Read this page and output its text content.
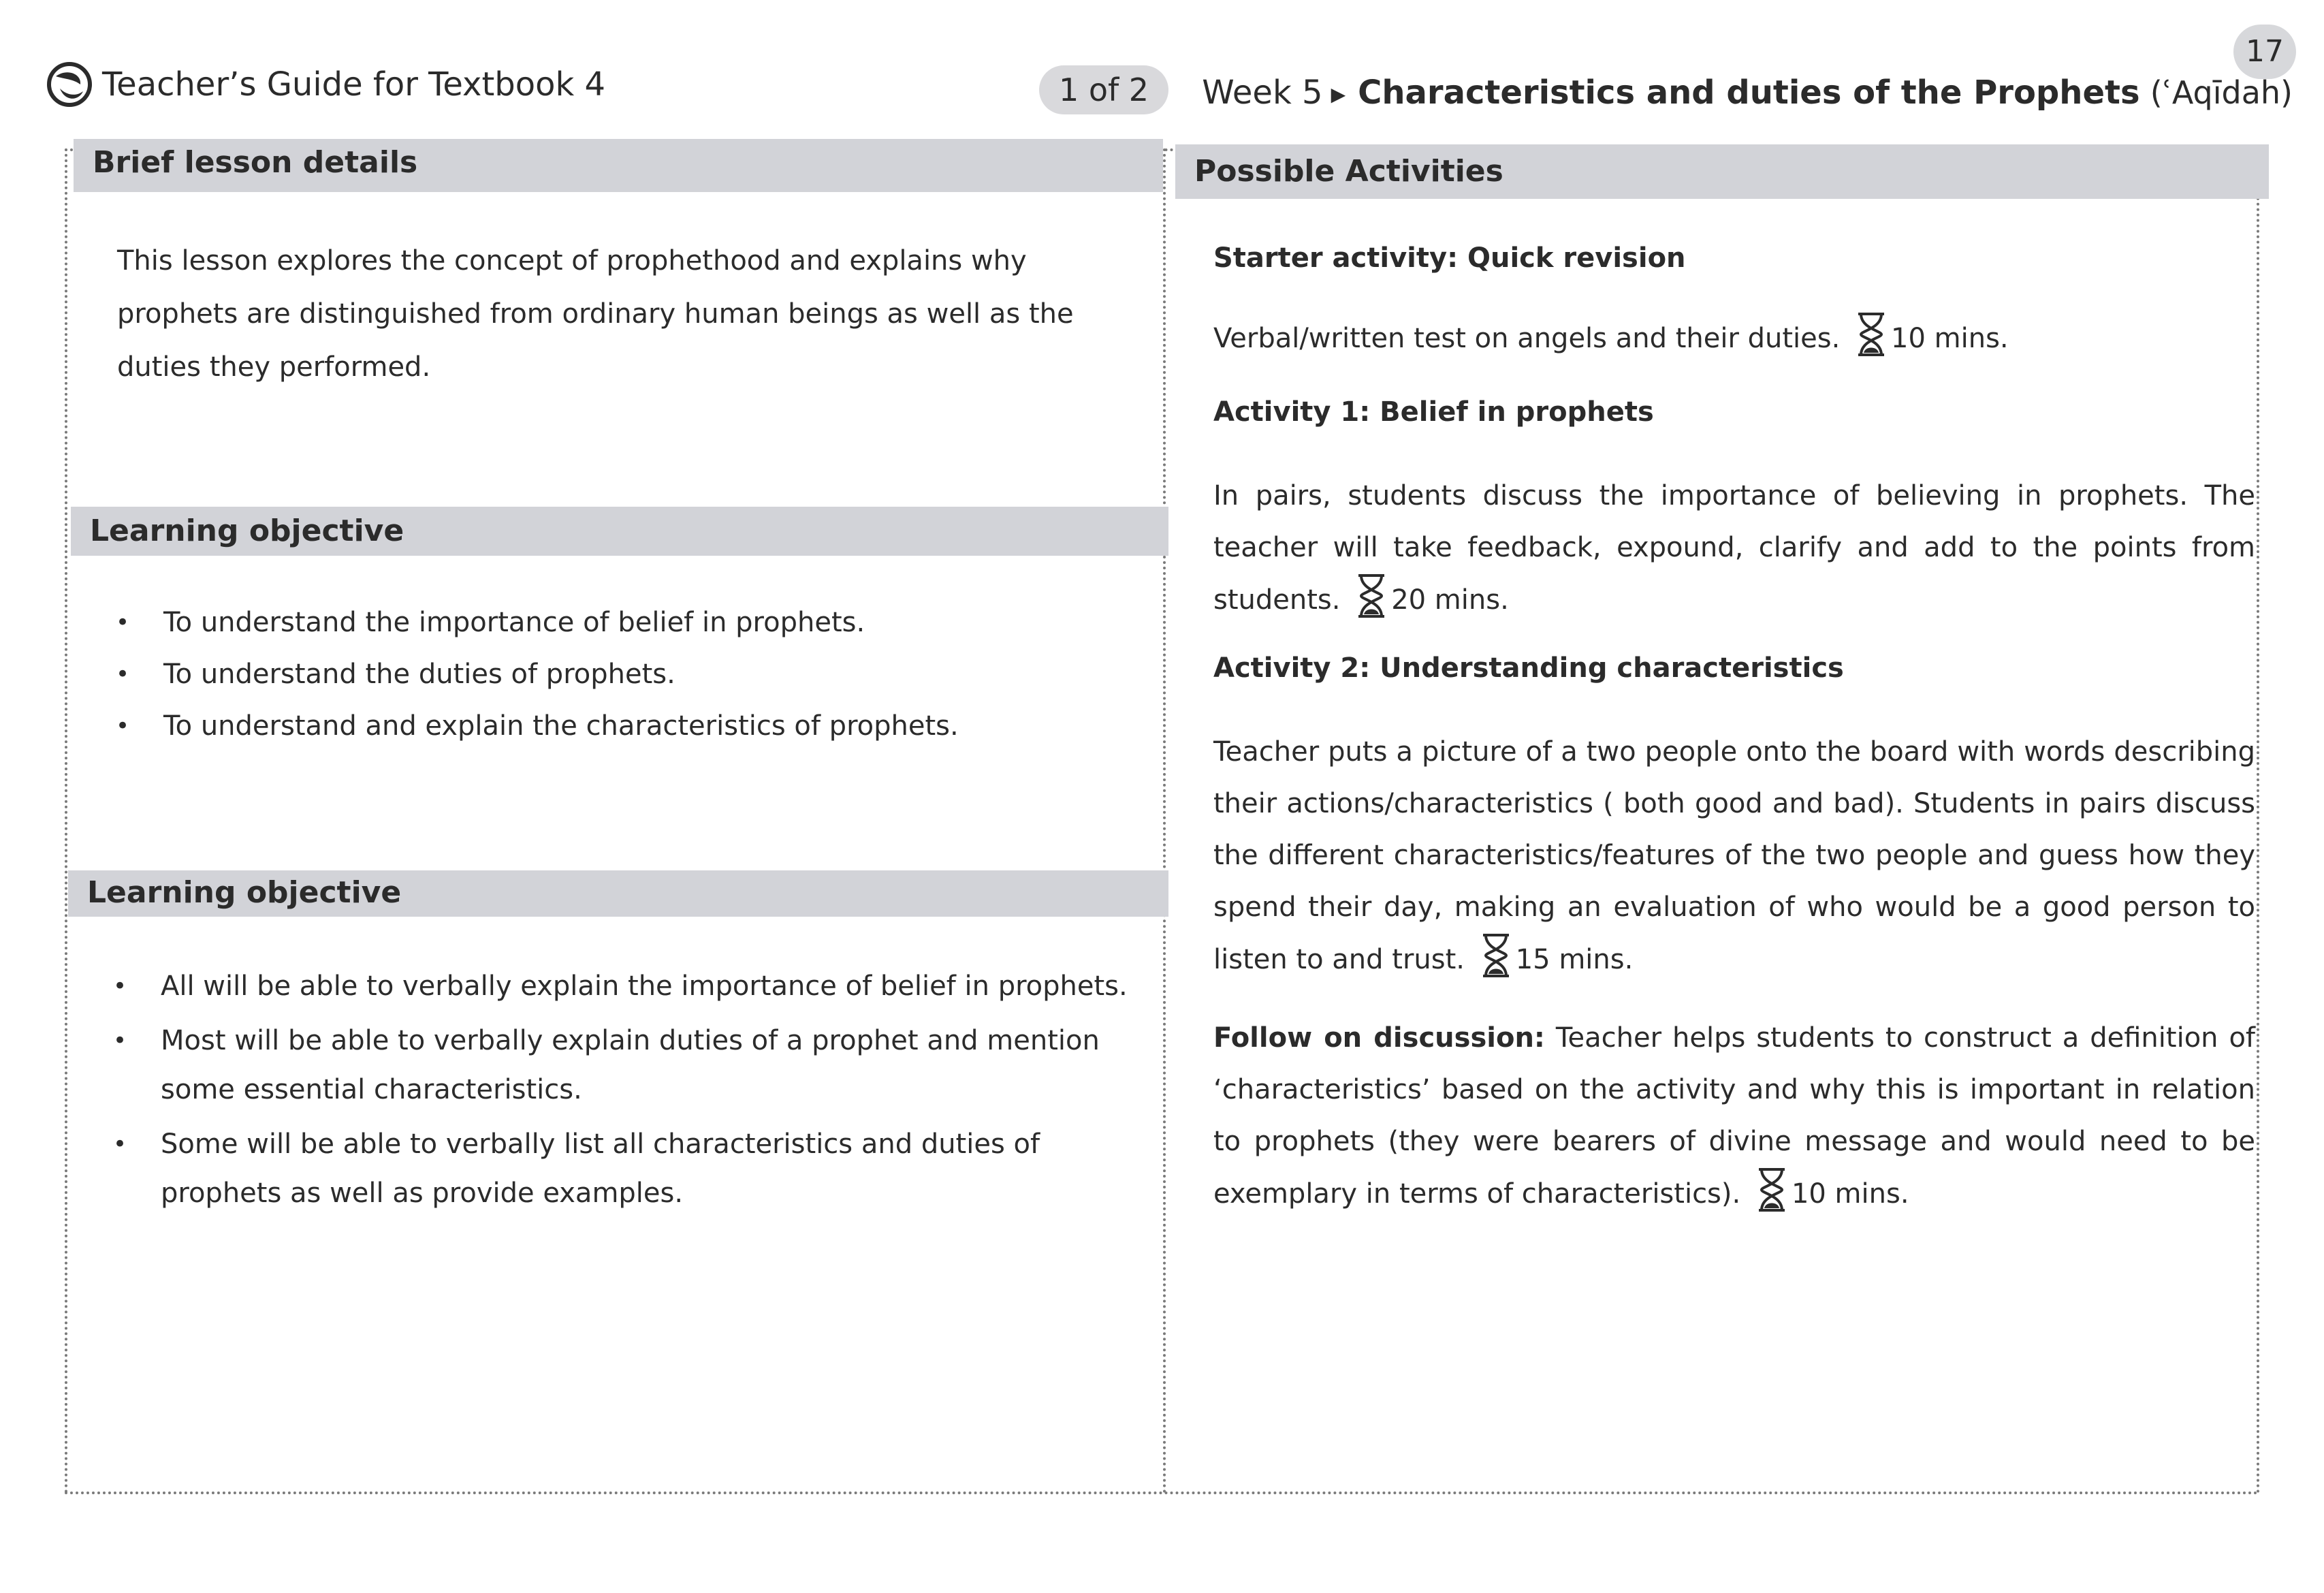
Teacher’s Guide for Textbook 4	1 of 2
17
Week 5 ▶ Characteristics and duties of the Prophets (ʿAqīdah)
Brief lesson details

This lesson explores the concept of prophethood and explains why prophets are distinguished from ordinary human beings as well as the duties they performed.

Learning objective
• To understand the importance of belief in prophets.
• To understand the duties of prophets.
• To understand and explain the characteristics of prophets.
Learning objective
• All will be able to verbally explain the importance of belief in prophets.
• Most will be able to verbally explain duties of a prophet and mention some essential characteristics.
• Some will be able to verbally list all characteristics and duties of prophets as well as provide examples.
Possible Activities
Starter activity: Quick revision

Verbal/written test on angels and their duties. 10 mins.

Activity 1: Belief in prophets

In pairs, students discuss the importance of believing in prophets. The teacher will take feedback, expound, clarify and add to the points from students. 20 mins.

Activity 2: Understanding characteristics

Teacher puts a picture of a two people onto the board with words describing their actions/characteristics ( both good and bad). Students in pairs discuss the different characteristics/features of the two people and guess how they spend their day, making an evaluation of who would be a good person to listen to and trust. 15 mins.

Follow on discussion: Teacher helps students to construct a definition of ‘characteristics’ based on the activity and why this is important in relation to prophets (they were bearers of divine message and would need to be exemplary in terms of characteristics). 10 mins.
